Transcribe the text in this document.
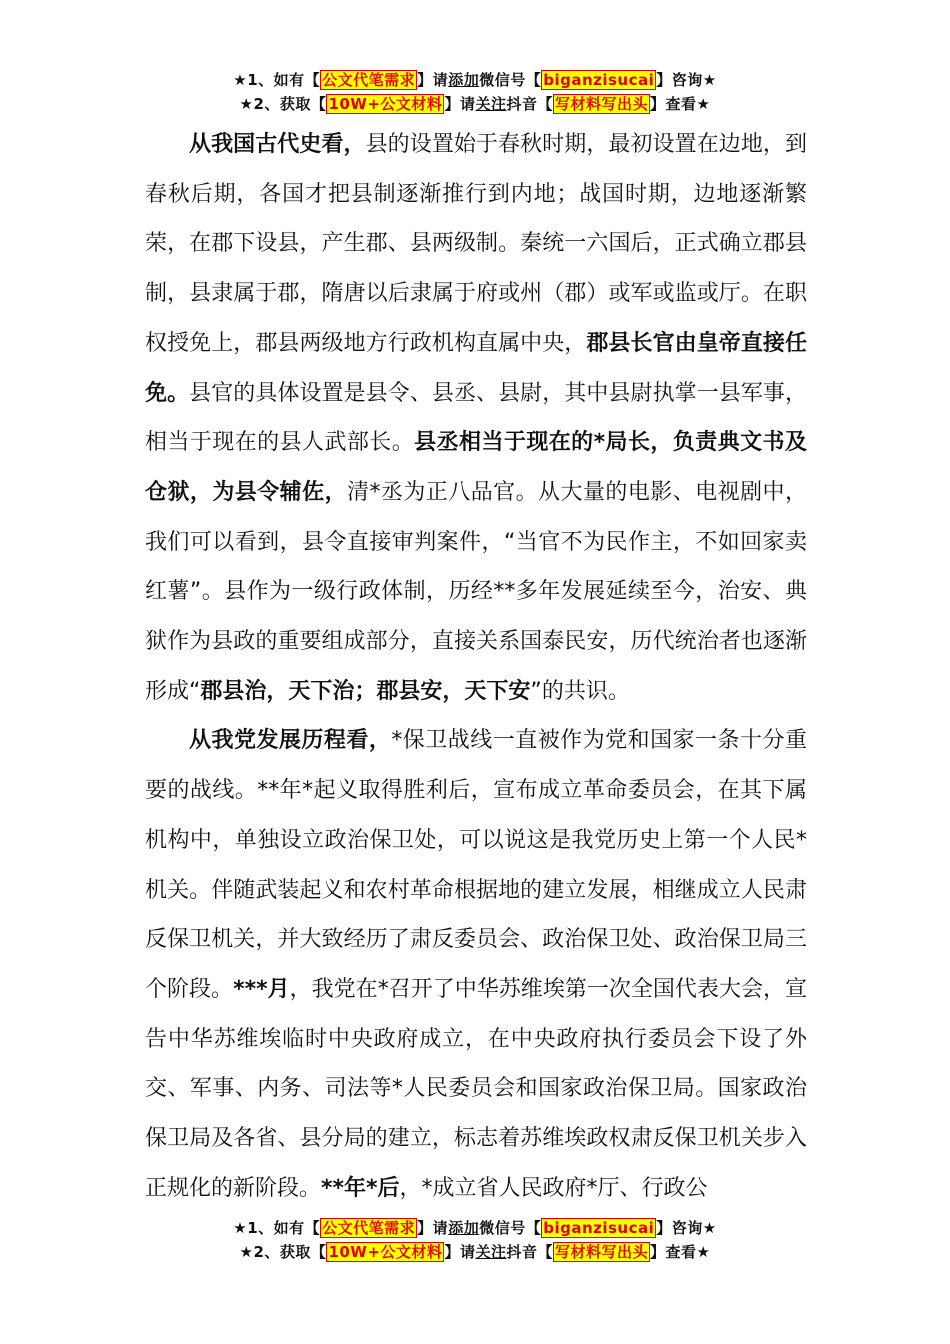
★1、如有【 公文代笔需求 】请添加微信号【 biganzisucai 】咨询★
★2、获取【 10W+公文材料 】请关注抖音【 写材料写出头 】查看★

从我国古代史看，县的设置始于春秋时期，最初设置在边地，到春秋后期，各国才把县制逐渐推行到内地；战国时期，边地逐渐繁荣，在郡下设县，产生郡、县两级制。秦统一六国后，正式确立郡县制，县隶属于郡，隋唐以后隶属于府或州（郡）或军或监或厅。在职权授免上，郡县两级地方行政机构直属中央，郡县长官由皇帝直接任免。县官的具体设置是县令、县丞、县尉，其中县尉执掌一县军事，相当于现在的县人武部长。县丞相当于现在的*局长，负责典文书及仓狱，为县令辅佐，清*丞为正八品官。从大量的电影、电视剧中，我们可以看到，县令直接审判案件，“当官不为民作主，不如回家卖红薯”。县作为一级行政体制，历经**多年发展延续至今，治安、典狱作为县政的重要组成部分，直接关系国泰民安，历代统治者也逐渐形成“郡县治，天下治；郡县安，天下安”的共识。

从我党发展历程看，*保卫战线一直被作为党和国家一条十分重要的战线。**年*起义取得胜利后，宣布成立革命委员会，在其下属机构中，单独设立政治保卫处，可以说这是我党历史上第一个人民*机关。伴随武装起义和农村革命根据地的建立发展，相继成立人民肃反保卫机关，并大致经历了肃反委员会、政治保卫处、政治保卫局三个阶段。***月，我党在*召开了中华苏维埃第一次全国代表大会，宣告中华苏维埃临时中央政府成立，在中央政府执行委员会下设了外交、军事、内务、司法等*人民委员会和国家政治保卫局。国家政治保卫局及各省、县分局的建立，标志着苏维埃政权肃反保卫机关步入正规化的新阶段。**年*后，*成立省人民政府*厅、行政公

★1、如有【 公文代笔需求 】请添加微信号【 biganzisucai 】咨询★
★2、获取【 10W+公文材料 】请关注抖音【 写材料写出头 】查看★
